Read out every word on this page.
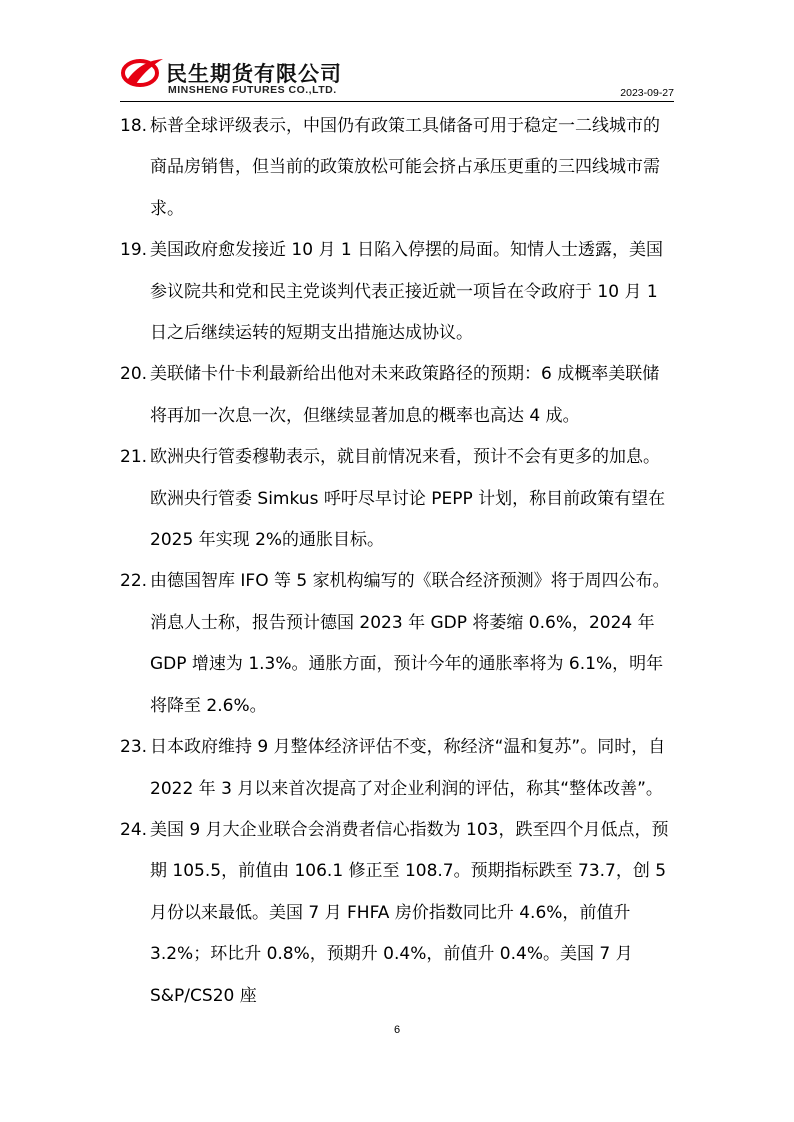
民生期货有限公司
MINSHENG FUTURES CO.,LTD.	2023-09-27
18. 标普全球评级表示，中国仍有政策工具储备可用于稳定一二线城市的商品房销售，但当前的政策放松可能会挤占承压更重的三四线城市需求。
19. 美国政府愈发接近 10 月 1 日陷入停摆的局面。知情人士透露，美国参议院共和党和民主党谈判代表正接近就一项旨在令政府于 10 月 1 日之后继续运转的短期支出措施达成协议。
20. 美联储卡什卡利最新给出他对未来政策路径的预期：6 成概率美联储将再加一次息一次，但继续显著加息的概率也高达 4 成。
21. 欧洲央行管委穆勒表示，就目前情况来看，预计不会有更多的加息。欧洲央行管委 Simkus 呼吁尽早讨论 PEPP 计划，称目前政策有望在 2025 年实现 2%的通胀目标。
22. 由德国智库 IFO 等 5 家机构编写的《联合经济预测》将于周四公布。消息人士称，报告预计德国 2023 年 GDP 将萎缩 0.6%，2024 年 GDP 增速为 1.3%。通胀方面，预计今年的通胀率将为 6.1%，明年将降至 2.6%。
23. 日本政府维持 9 月整体经济评估不变，称经济“温和复苏”。同时，自 2022 年 3 月以来首次提高了对企业利润的评估，称其“整体改善”。
24. 美国 9 月大企业联合会消费者信心指数为 103，跌至四个月低点，预期 105.5，前值由 106.1 修正至 108.7。预期指标跌至 73.7，创 5 月份以来最低。美国 7 月 FHFA 房价指数同比升 4.6%，前值升 3.2%；环比升 0.8%，预期升 0.4%，前值升 0.4%。美国 7 月 S&P/CS20 座
6
